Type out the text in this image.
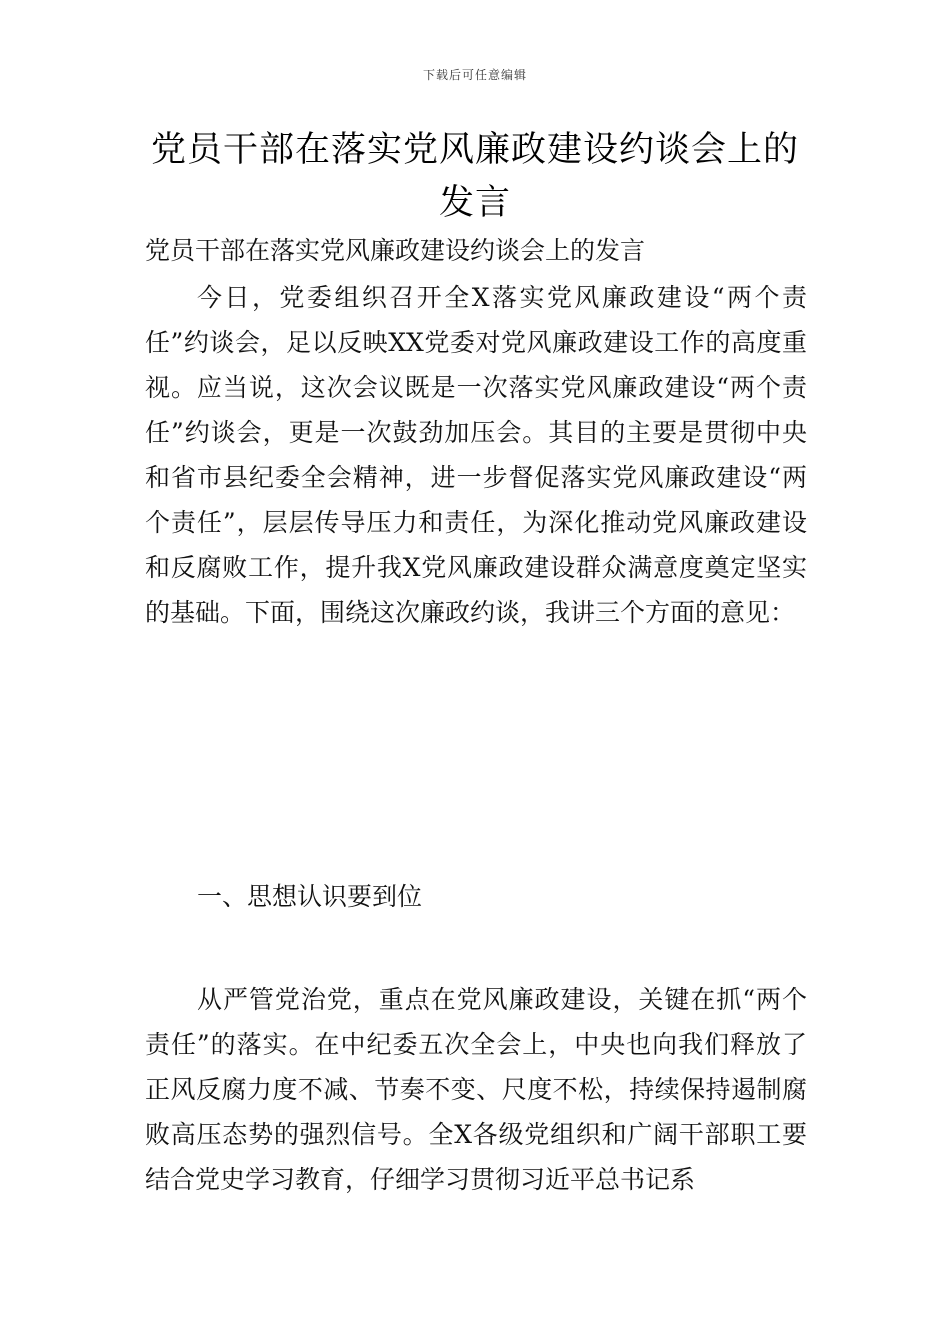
下载后可任意编辑
党员干部在落实党风廉政建设约谈会上的发言
党员干部在落实党风廉政建设约谈会上的发言

今日，党委组织召开全X落实党风廉政建设“两个责任”约谈会，足以反映XX党委对党风廉政建设工作的高度重视。应当说，这次会议既是一次落实党风廉政建设“两个责任”约谈会，更是一次鼓劲加压会。其目的主要是贯彻中央和省市县纪委全会精神，进一步督促落实党风廉政建设“两个责任”，层层传导压力和责任，为深化推动党风廉政建设和反腐败工作，提升我X党风廉政建设群众满意度奠定坚实的基础。下面，围绕这次廉政约谈，我讲三个方面的意见：

一、思想认识要到位

从严管党治党，重点在党风廉政建设，关键在抓“两个责任”的落实。在中纪委五次全会上，中央也向我们释放了正风反腐力度不减、节奏不变、尺度不松，持续保持遏制腐败高压态势的强烈信号。全X各级党组织和广阔干部职工要结合党史学习教育，仔细学习贯彻习近平总书记系
